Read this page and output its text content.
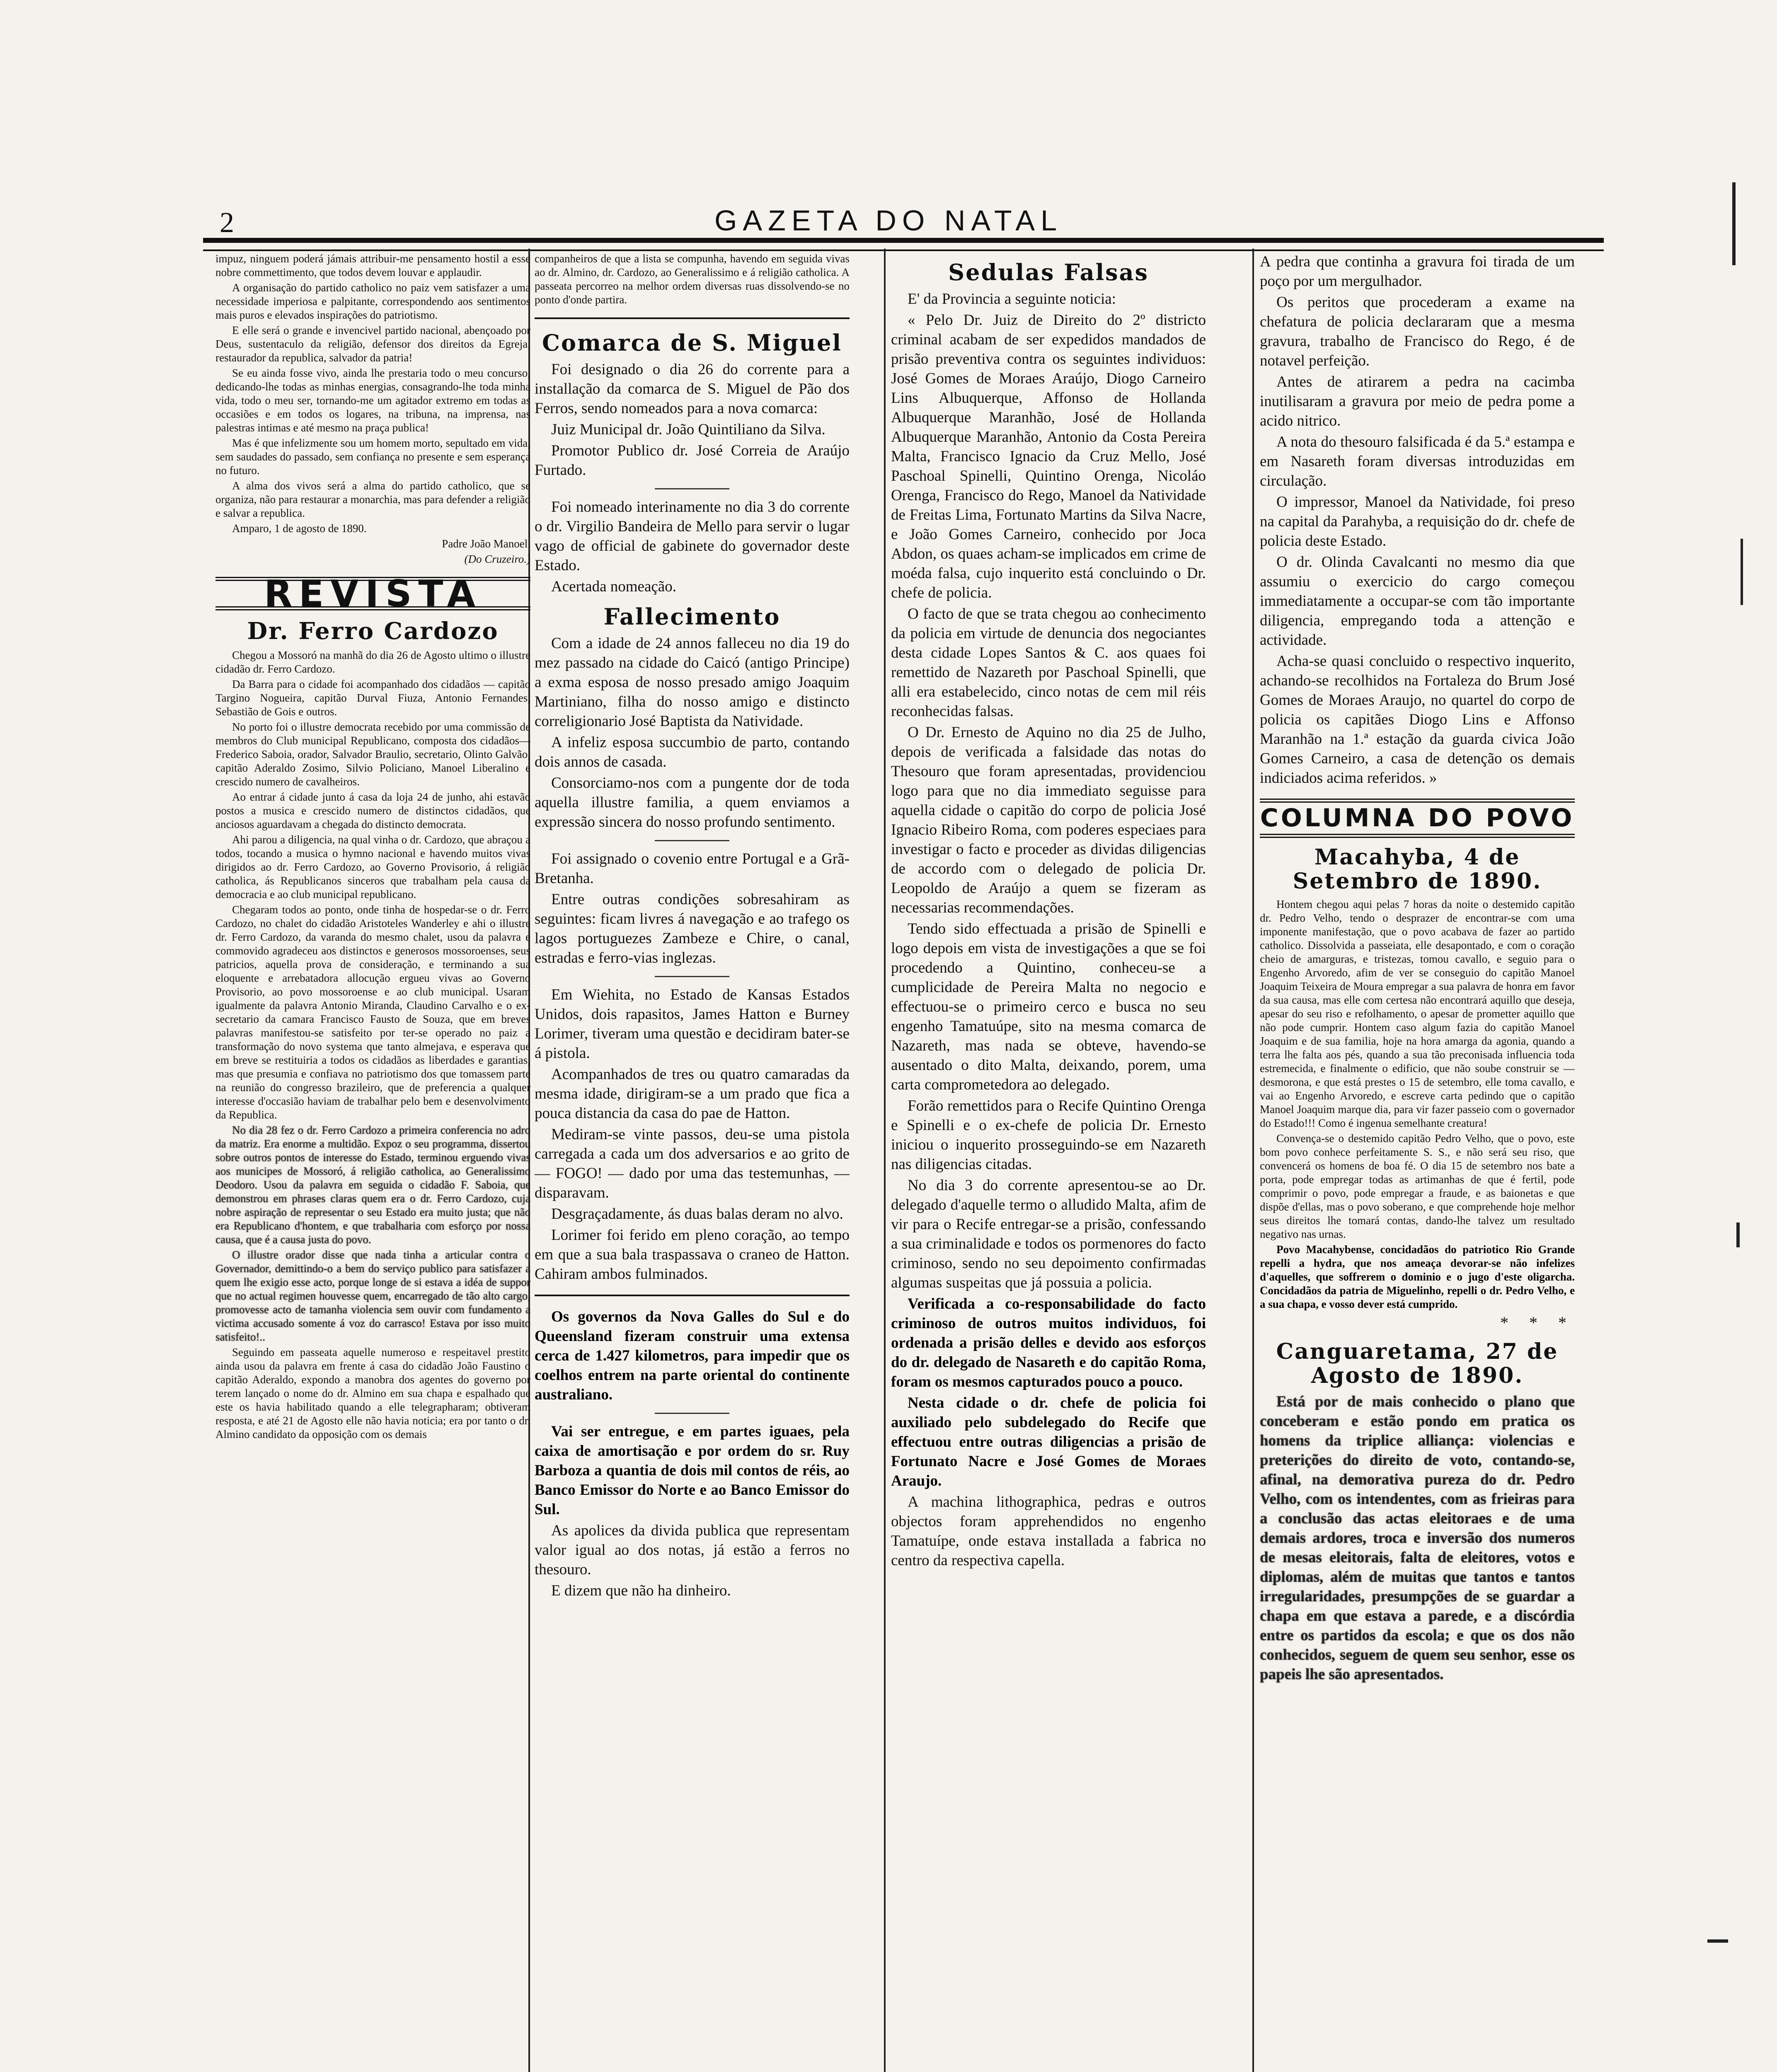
2	GAZETA DO NATAL

impuz, ninguem poderá jámais attribuir-me pensamento hostil a esse nobre commettimento, que todos devem louvar e applaudir.

A organisação do partido catholico no paiz vem satisfazer a uma necessidade imperiosa e palpitante, correspondendo aos sentimentos mais puros e elevados inspirações do patriotismo.

E elle será o grande e invencivel partido nacional, abençoado por Deus, sustentaculo da religião, defensor dos direitos da Egreja, restaurador da republica, salvador da patria!

Se eu ainda fosse vivo, ainda lhe prestaria todo o meu concurso, dedicando-lhe todas as minhas energias, consagrando-lhe toda minha vida, todo o meu ser, tornando-me um agitador extremo em todas as occasiões e em todos os logares, na tribuna, na imprensa, nas palestras intimas e até mesmo na praça publica!

Mas é que infelizmente sou um homem morto, sepultado em vida, sem saudades do passado, sem confiança no presente e sem esperança no futuro.

A alma dos vivos será a alma do partido catholico, que se organiza, não para restaurar a monarchia, mas para defender a religião e salvar a republica.

Amparo, 1 de agosto de 1890.

Padre João Manoel.

(Do Cruzeiro.)

REVISTA
Dr. Ferro Cardozo

Chegou a Mossoró na manhã do dia 26 de Agosto ultimo o illustre cidadão dr. Ferro Cardozo.

Da Barra para o cidade foi acompanhado dos cidadãos — capitão Targino Nogueira, capitão Durval Fiuza, Antonio Fernandes, Sebastião de Gois e outros.

No porto foi o illustre democrata recebido por uma commissão de membros do Club municipal Republicano, composta dos cidadãos—Frederico Saboia, orador, Salvador Braulio, secretario, Olinto Galvão, capitão Aderaldo Zosimo, Silvio Policiano, Manoel Liberalino e crescido numero de cavalheiros.

Ao entrar á cidade junto á casa da loja 24 de junho, ahi estavão postos a musica e crescido numero de distinctos cidadãos, que anciosos aguardavam a chegada do distincto democrata.

Ahi parou a diligencia, na qual vinha o dr. Cardozo, que abraçou a todos, tocando a musica o hymno nacional e havendo muitos vivas dirigidos ao dr. Ferro Cardozo, ao Governo Provisorio, á religião catholica, ás Republicanos sinceros que trabalham pela causa da democracia e ao club municipal republicano.

Chegaram todos ao ponto, onde tinha de hospedar-se o dr. Ferro Cardozo, no chalet do cidadão Aristoteles Wanderley e ahi o illustre dr. Ferro Cardozo, da varanda do mesmo chalet, usou da palavra e commovido agradeceu aos distinctos e generosos mossoroenses, seus patricios, aquella prova de consideração, e terminando a sua eloquente e arrebatadora allocução ergueu vivas ao Governo Provisorio, ao povo mossoroense e ao club municipal. Usaram igualmente da palavra Antonio Miranda, Claudino Carvalho e o ex-secretario da camara Francisco Fausto de Souza, que em breves palavras manifestou-se satisfeito por ter-se operado no paiz a transformação do novo systema que tanto almejava, e esperava que em breve se restituiria a todos os cidadãos as liberdades e garantias, mas que presumia e confiava no patriotismo dos que tomassem parte na reunião do congresso brazileiro, que de preferencia a qualquer interesse d'occasião haviam de trabalhar pelo bem e desenvolvimento da Republica.

No dia 28 fez o dr. Ferro Cardozo a primeira conferencia no adro da matriz. Era enorme a multidão. Expoz o seu programma, dissertou sobre outros pontos de interesse do Estado, terminou erguendo vivas aos municipes de Mossoró, á religião catholica, ao Generalissimo Deodoro. Usou da palavra em seguida o cidadão F. Saboia, que demonstrou em phrases claras quem era o dr. Ferro Cardozo, cuja nobre aspiração de representar o seu Estado era muito justa; que não era Republicano d'hontem, e que trabalharia com esforço por nossa causa, que é a causa justa do povo.

O illustre orador disse que nada tinha a articular contra o Governador, demittindo-o a bem do serviço publico para satisfazer a quem lhe exigio esse acto, porque longe de si estava a idéa de suppor que no actual regimen houvesse quem, encarregado de tão alto cargo, promovesse acto de tamanha violencia sem ouvir com fundamento a victima accusado somente á voz do carrasco! Estava por isso muito satisfeito!..

Seguindo em passeata aquelle numeroso e respeitavel prestito ainda usou da palavra em frente á casa do cidadão João Faustino o capitão Aderaldo, expondo a manobra dos agentes do governo por terem lançado o nome do dr. Almino em sua chapa e espalhado que este os havia habilitado quando a elle telegrapharam; obtiveram resposta, e até 21 de Agosto elle não havia noticia; era por tanto o dr. Almino candidato da opposição com os demais

companheiros de que a lista se compunha, havendo em seguida vivas ao dr. Almino, dr. Cardozo, ao Generalissimo e á religião catholica. A passeata percorreo na melhor ordem diversas ruas dissolvendo-se no ponto d'onde partira.

Comarca de S. Miguel

Foi designado o dia 26 do corrente para a installação da comarca de S. Miguel de Pão dos Ferros, sendo nomeados para a nova comarca:

Juiz Municipal dr. João Quintiliano da Silva.

Promotor Publico dr. José Correia de Araújo Furtado.

Foi nomeado interinamente no dia 3 do corrente o dr. Virgilio Bandeira de Mello para servir o lugar vago de official de gabinete do governador deste Estado.

Acertada nomeação.

Fallecimento

Com a idade de 24 annos falleceu no dia 19 do mez passado na cidade do Caicó (antigo Principe) a exma esposa de nosso presado amigo Joaquim Martiniano, filha do nosso amigo e distincto correligionario José Baptista da Natividade.

A infeliz esposa succumbio de parto, contando dois annos de casada.

Consorciamo-nos com a pungente dor de toda aquella illustre familia, a quem enviamos a expressão sincera do nosso profundo sentimento.

Foi assignado o covenio entre Portugal e a Grã-Bretanha.

Entre outras condições sobresahiram as seguintes: ficam livres á navegação e ao trafego os lagos portuguezes Zambeze e Chire, o canal, estradas e ferro-vias inglezas.

Em Wiehita, no Estado de Kansas Estados Unidos, dois rapasitos, James Hatton e Burney Lorimer, tiveram uma questão e decidiram bater-se á pistola.

Acompanhados de tres ou quatro camaradas da mesma idade, dirigiram-se a um prado que fica a pouca distancia da casa do pae de Hatton.

Mediram-se vinte passos, deu-se uma pistola carregada a cada um dos adversarios e ao grito de — FOGO! — dado por uma das testemunhas, — disparavam.

Desgraçadamente, ás duas balas deram no alvo.

Lorimer foi ferido em pleno coração, ao tempo em que a sua bala traspassava o craneo de Hatton. Cahiram ambos fulminados.

Os governos da Nova Galles do Sul e do Queensland fizeram construir uma extensa cerca de 1.427 kilometros, para impedir que os coelhos entrem na parte oriental do continente australiano.

Vai ser entregue, e em partes iguaes, pela caixa de amortisação e por ordem do sr. Ruy Barboza a quantia de dois mil contos de réis, ao Banco Emissor do Norte e ao Banco Emissor do Sul.

As apolices da divida publica que representam valor igual ao dos notas, já estão a ferros no thesouro.

E dizem que não ha dinheiro.

Sedulas Falsas

E' da Provincia a seguinte noticia:

« Pelo Dr. Juiz de Direito do 2º districto criminal acabam de ser expedidos mandados de prisão preventiva contra os seguintes individuos: José Gomes de Moraes Araújo, Diogo Carneiro Lins Albuquerque, Affonso de Hollanda Albuquerque Maranhão, José de Hollanda Albuquerque Maranhão, Antonio da Costa Pereira Malta, Francisco Ignacio da Cruz Mello, José Paschoal Spinelli, Quintino Orenga, Nicoláo Orenga, Francisco do Rego, Manoel da Natividade de Freitas Lima, Fortunato Martins da Silva Nacre, e João Gomes Carneiro, conhecido por Joca Abdon, os quaes acham-se implicados em crime de moéda falsa, cujo inquerito está concluindo o Dr. chefe de policia.

O facto de que se trata chegou ao conhecimento da policia em virtude de denuncia dos negociantes desta cidade Lopes Santos & C. aos quaes foi remettido de Nazareth por Paschoal Spinelli, que alli era estabelecido, cinco notas de cem mil réis reconhecidas falsas.

O Dr. Ernesto de Aquino no dia 25 de Julho, depois de verificada a falsidade das notas do Thesouro que foram apresentadas, providenciou logo para que no dia immediato seguisse para aquella cidade o capitão do corpo de policia José Ignacio Ribeiro Roma, com poderes especiaes para investigar o facto e proceder as dividas diligencias de accordo com o delegado de policia Dr. Leopoldo de Araújo a quem se fizeram as necessarias recommendações.

Tendo sido effectuada a prisão de Spinelli e logo depois em vista de investigações a que se foi procedendo a Quintino, conheceu-se a cumplicidade de Pereira Malta no negocio e effectuou-se o primeiro cerco e busca no seu engenho Tamatuúpe, sito na mesma comarca de Nazareth, mas nada se obteve, havendo-se ausentado o dito Malta, deixando, porem, uma carta comprometedora ao delegado.

Forão remettidos para o Recife Quintino Orenga e Spinelli e o ex-chefe de policia Dr. Ernesto iniciou o inquerito prosseguindo-se em Nazareth nas diligencias citadas.

No dia 3 do corrente apresentou-se ao Dr. delegado d'aquelle termo o alludido Malta, afim de vir para o Recife entregar-se a prisão, confessando a sua criminalidade e todos os pormenores do facto criminoso, sendo no seu depoimento confirmadas algumas suspeitas que já possuia a policia.

Verificada a co-responsabilidade do facto criminoso de outros muitos individuos, foi ordenada a prisão delles e devido aos esforços do dr. delegado de Nasareth e do capitão Roma, foram os mesmos capturados pouco a pouco.

Nesta cidade o dr. chefe de policia foi auxiliado pelo subdelegado do Recife que effectuou entre outras diligencias a prisão de Fortunato Nacre e José Gomes de Moraes Araujo.

A machina lithographica, pedras e outros objectos foram apprehendidos no engenho Tamatuípe, onde estava installada a fabrica no centro da respectiva capella.

A pedra que continha a gravura foi tirada de um poço por um mergulhador.

Os peritos que procederam a exame na chefatura de policia declararam que a mesma gravura, trabalho de Francisco do Rego, é de notavel perfeição.

Antes de atirarem a pedra na cacimba inutilisaram a gravura por meio de pedra pome a acido nitrico.

A nota do thesouro falsificada é da 5.ª estampa e em Nasareth foram diversas introduzidas em circulação.

O impressor, Manoel da Natividade, foi preso na capital da Parahyba, a requisição do dr. chefe de policia deste Estado.

O dr. Olinda Cavalcanti no mesmo dia que assumiu o exercicio do cargo começou immediatamente a occupar-se com tão importante diligencia, empregando toda a attenção e actividade.

Acha-se quasi concluido o respectivo inquerito, achando-se recolhidos na Fortaleza do Brum José Gomes de Moraes Araujo, no quartel do corpo de policia os capitães Diogo Lins e Affonso Maranhão na 1.ª estação da guarda civica João Gomes Carneiro, a casa de detenção os demais indiciados acima referidos. »

COLUMNA DO POVO
Macahyba, 4 de Setembro de 1890.

Hontem chegou aqui pelas 7 horas da noite o destemido capitão dr. Pedro Velho, tendo o desprazer de encontrar-se com uma imponente manifestação, que o povo acabava de fazer ao partido catholico. Dissolvida a passeiata, elle desapontado, e com o coração cheio de amarguras, e tristezas, tomou cavallo, e seguio para o Engenho Arvoredo, afim de ver se conseguio do capitão Manoel Joaquim Teixeira de Moura empregar a sua palavra de honra em favor da sua causa, mas elle com certesa não encontrará aquillo que deseja, apesar do seu riso e refolhamento, o apesar de prometter aquillo que não pode cumprir. Hontem caso algum fazia do capitão Manoel Joaquim e de sua familia, hoje na hora amarga da agonia, quando a terra lhe falta aos pés, quando a sua tão preconisada influencia toda estremecida, e finalmente o edificio, que não soube construir se — desmorona, e que está prestes o 15 de setembro, elle toma cavallo, e vai ao Engenho Arvoredo, e escreve carta pedindo que o capitão Manoel Joaquim marque dia, para vir fazer passeio com o governador do Estado!!! Como é ingenua semelhante creatura!

Convença-se o destemido capitão Pedro Velho, que o povo, este bom povo conhece perfeitamente S. S., e não será seu riso, que convencerá os homens de boa fé. O dia 15 de setembro nos bate a porta, pode empregar todas as artimanhas de que é fertil, pode comprimir o povo, pode empregar a fraude, e as baionetas e que dispõe d'ellas, mas o povo soberano, e que comprehende hoje melhor seus direitos lhe tomará contas, dando-lhe talvez um resultado negativo nas urnas.

Povo Macahybense, concidadãos do patriotico Rio Grande repelli a hydra, que nos ameaça devorar-se não infelizes d'aquelles, que soffrerem o dominio e o jugo d'este oligarcha. Concidadãos da patria de Miguelinho, repelli o dr. Pedro Velho, e a sua chapa, e vosso dever está cumprido.

* * *

Canguaretama, 27 de Agosto de 1890.

Está por de mais conhecido o plano que conceberam e estão pondo em pratica os homens da triplice alliança: violencias e preterições do direito de voto, contando-se, afinal, na demorativa pureza do dr. Pedro Velho, com os intendentes, com as frieiras para a conclusão das actas eleitoraes e de uma demais ardores, troca e inversão dos numeros de mesas eleitorais, falta de eleitores, votos e diplomas, além de muitas que tantos e tantos irregularidades, presumpções de se guardar a chapa em que estava a parede, e a discórdia entre os partidos da escola; e que os dos não conhecidos, seguem de quem seu senhor, esse os papeis lhe são apresentados.
